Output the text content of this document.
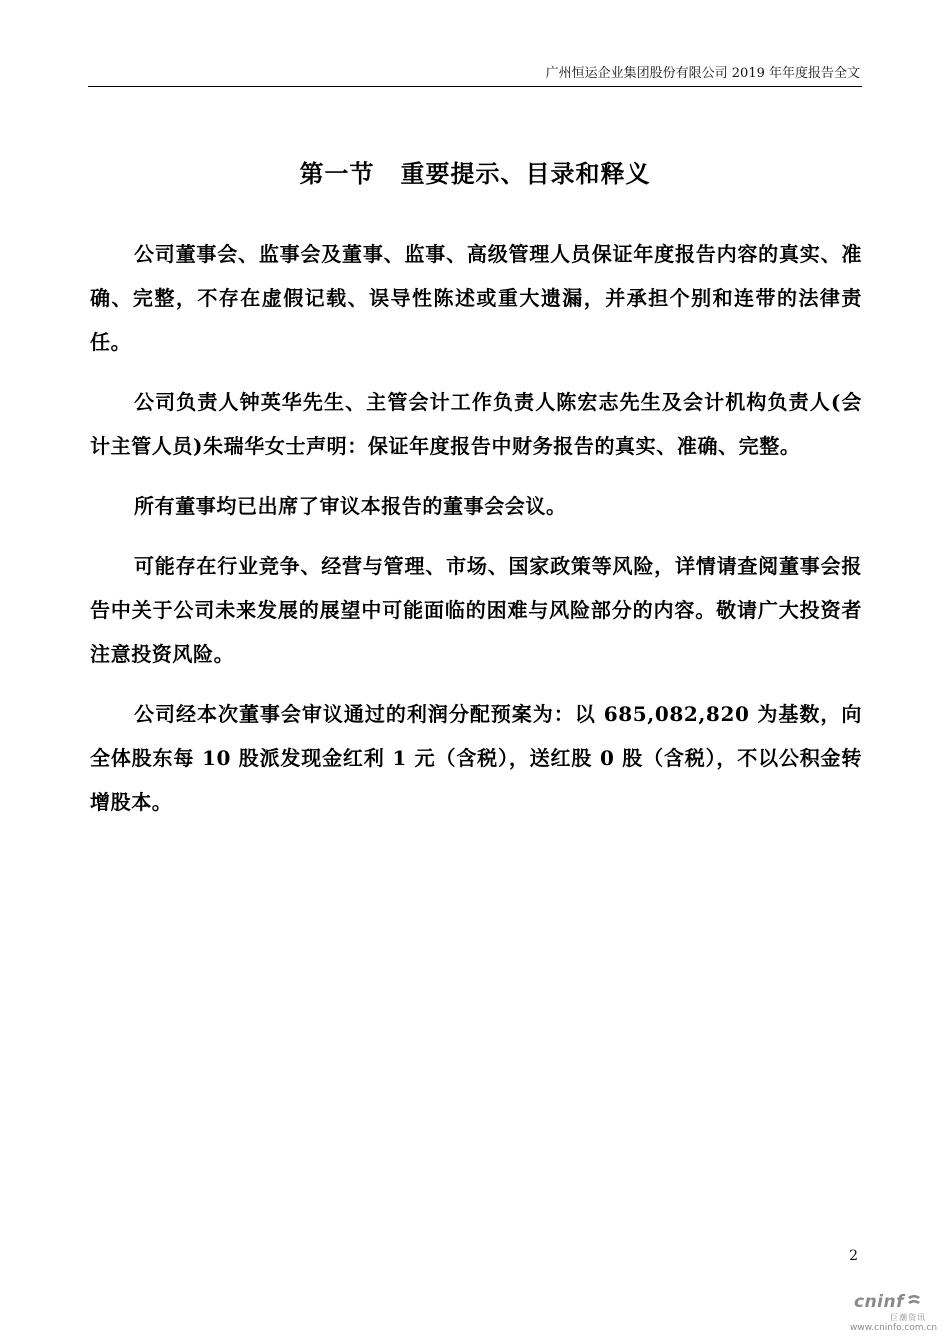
广州恒运企业集团股份有限公司 2019 年年度报告全文
第一节 重要提示、目录和释义

公司董事会、监事会及董事、监事、高级管理人员保证年度报告内容的真实、准确、完整，不存在虚假记载、误导性陈述或重大遗漏，并承担个别和连带的法律责任。

公司负责人钟英华先生、主管会计工作负责人陈宏志先生及会计机构负责人(会计主管人员)朱瑞华女士声明：保证年度报告中财务报告的真实、准确、完整。

所有董事均已出席了审议本报告的董事会会议。

可能存在行业竞争、经营与管理、市场、国家政策等风险，详情请查阅董事会报告中关于公司未来发展的展望中可能面临的困难与风险部分的内容。敬请广大投资者注意投资风险。

公司经本次董事会审议通过的利润分配预案为：以 685,082,820 为基数，向全体股东每 10 股派发现金红利 1 元（含税），送红股 0 股（含税），不以公积金转增股本。

2
cninf
巨潮资讯
www.cninfo.com.cn
